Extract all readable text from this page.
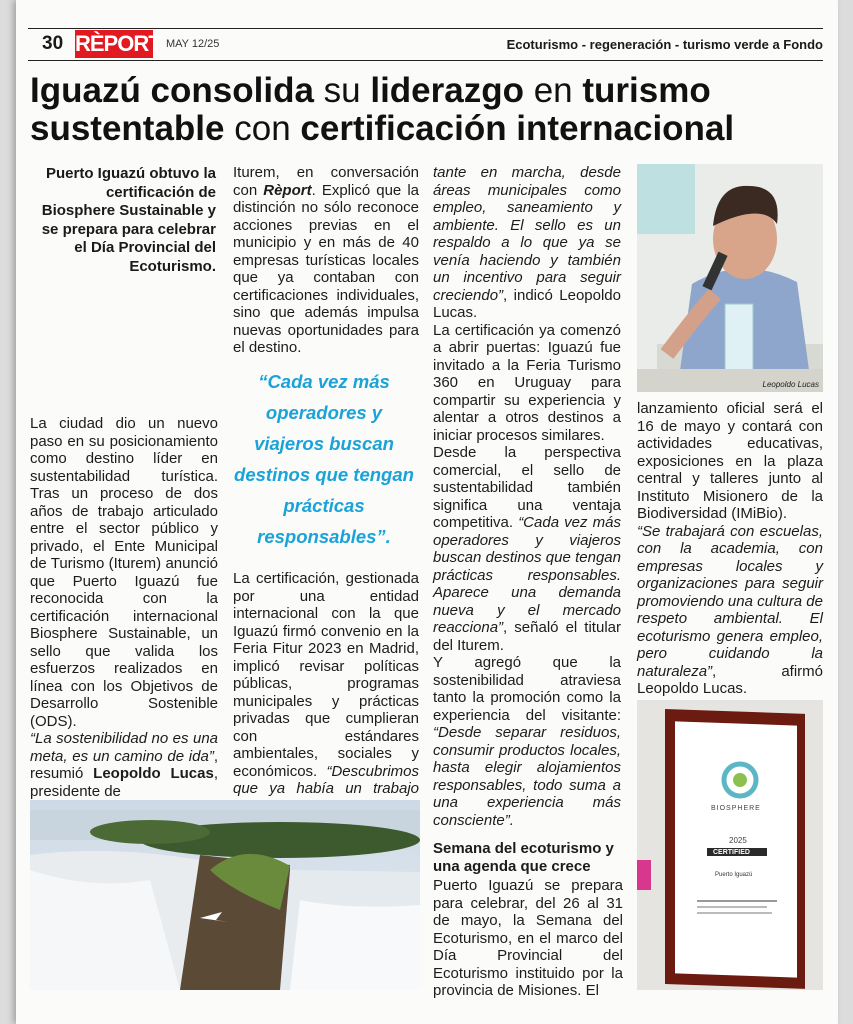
30 RÈPORT MAY 12/25	Ecoturismo - regeneración - turismo verde a Fondo
Iguazú consolida su liderazgo en turismo
sustentable con certificación internacional
Puerto Iguazú obtuvo la certificación de Biosphere Sustainable y se prepara para celebrar el Día Provincial del Ecoturismo.
La ciudad dio un nuevo paso en su posicionamiento como destino líder en sustentabilidad turística. Tras un proceso de dos años de trabajo articulado entre el sector público y privado, el Ente Municipal de Turismo (Iturem) anunció que Puerto Iguazú fue reconocida con la certificación internacional Biosphere Sustainable, un sello que valida los esfuerzos realizados en línea con los Objetivos de Desarrollo Sostenible (ODS).
“La sostenibilidad no es una meta, es un camino de ida”, resumió Leopoldo Lucas, presidente de
Iturem, en conversación con Rèport. Explicó que la distinción no sólo reconoce acciones previas en el municipio y en más de 40 empresas turísticas locales que ya contaban con certificaciones individuales, sino que además impulsa nuevas oportunidades para el destino.
“Cada vez más operadores y viajeros buscan destinos que tengan prácticas responsables”.
La certificación, gestionada por una entidad internacional con la que Iguazú firmó convenio en la Feria Fitur 2023 en Madrid, implicó revisar políticas públicas, programas municipales y prácticas privadas que cumplieran con estándares ambientales, sociales y económicos. “Descubrimos que ya había un trabajo
tante en marcha, desde áreas municipales como empleo, saneamiento y ambiente. El sello es un respaldo a lo que ya se venía haciendo y también un incentivo para seguir creciendo”, indicó Leopoldo Lucas.
La certificación ya comenzó a abrir puertas: Iguazú fue invitado a la Feria Turismo 360 en Uruguay para compartir su experiencia y alentar a otros destinos a iniciar procesos similares.
Desde la perspectiva comercial, el sello de sustentabilidad también significa una ventaja competitiva. “Cada vez más operadores y viajeros buscan destinos que tengan prácticas responsables. Aparece una demanda nueva y el mercado reacciona”, señaló el titular del Iturem.
Y agregó que la sostenibilidad atraviesa tanto la promoción como la experiencia del visitante: “Desde separar residuos, consumir productos locales, hasta elegir alojamientos responsables, todo suma a una experiencia más consciente”.
Semana del ecoturismo y una agenda que crece
Puerto Iguazú se prepara para celebrar, del 26 al 31 de mayo, la Semana del Ecoturismo, en el marco del Día Provincial del Ecoturismo instituido por la provincia de Misiones. El
lanzamiento oficial será el 16 de mayo y contará con actividades educativas, exposiciones en la plaza central y talleres junto al Instituto Misionero de la Biodiversidad (IMiBio).
“Se trabajará con escuelas, con la academia, con empresas locales y organizaciones para seguir promoviendo una cultura de respeto ambiental. El ecoturismo genera empleo, pero cuidando la naturaleza”, afirmó Leopoldo Lucas.
Leopoldo Lucas
BIOSPHERE
2025
CERTIFIED
Puerto Iguazú
